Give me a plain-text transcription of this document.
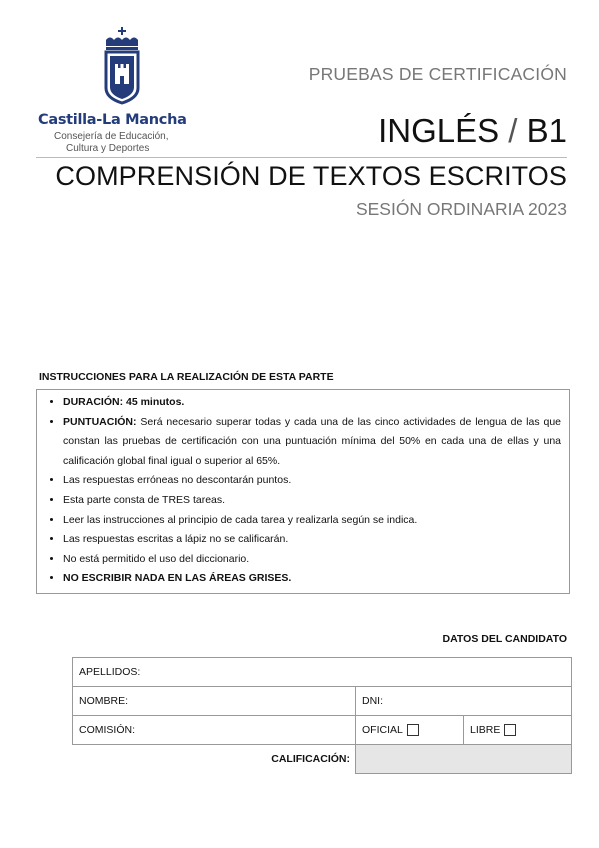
Castilla-La Mancha
Consejería de Educación,
Cultura y Deportes
PRUEBAS DE CERTIFICACIÓN
INGLÉS / B1
COMPRENSIÓN DE TEXTOS ESCRITOS
SESIÓN ORDINARIA 2023
INSTRUCCIONES PARA LA REALIZACIÓN DE ESTA PARTE
• DURACIÓN: 45 minutos.
• PUNTUACIÓN: Será necesario superar todas y cada una de las cinco actividades de lengua de las que constan las pruebas de certificación con una puntuación mínima del 50% en cada una de ellas y una calificación global final igual o superior al 65%.
• Las respuestas erróneas no descontarán puntos.
• Esta parte consta de TRES tareas.
• Leer las instrucciones al principio de cada tarea y realizarla según se indica.
• Las respuestas escritas a lápiz no se calificarán.
• No está permitido el uso del diccionario.
• NO ESCRIBIR NADA EN LAS ÁREAS GRISES.
DATOS DEL CANDIDATO
APELLIDOS:
NOMBRE:	DNI:
COMISIÓN:	OFICIAL	LIBRE
CALIFICACIÓN:
